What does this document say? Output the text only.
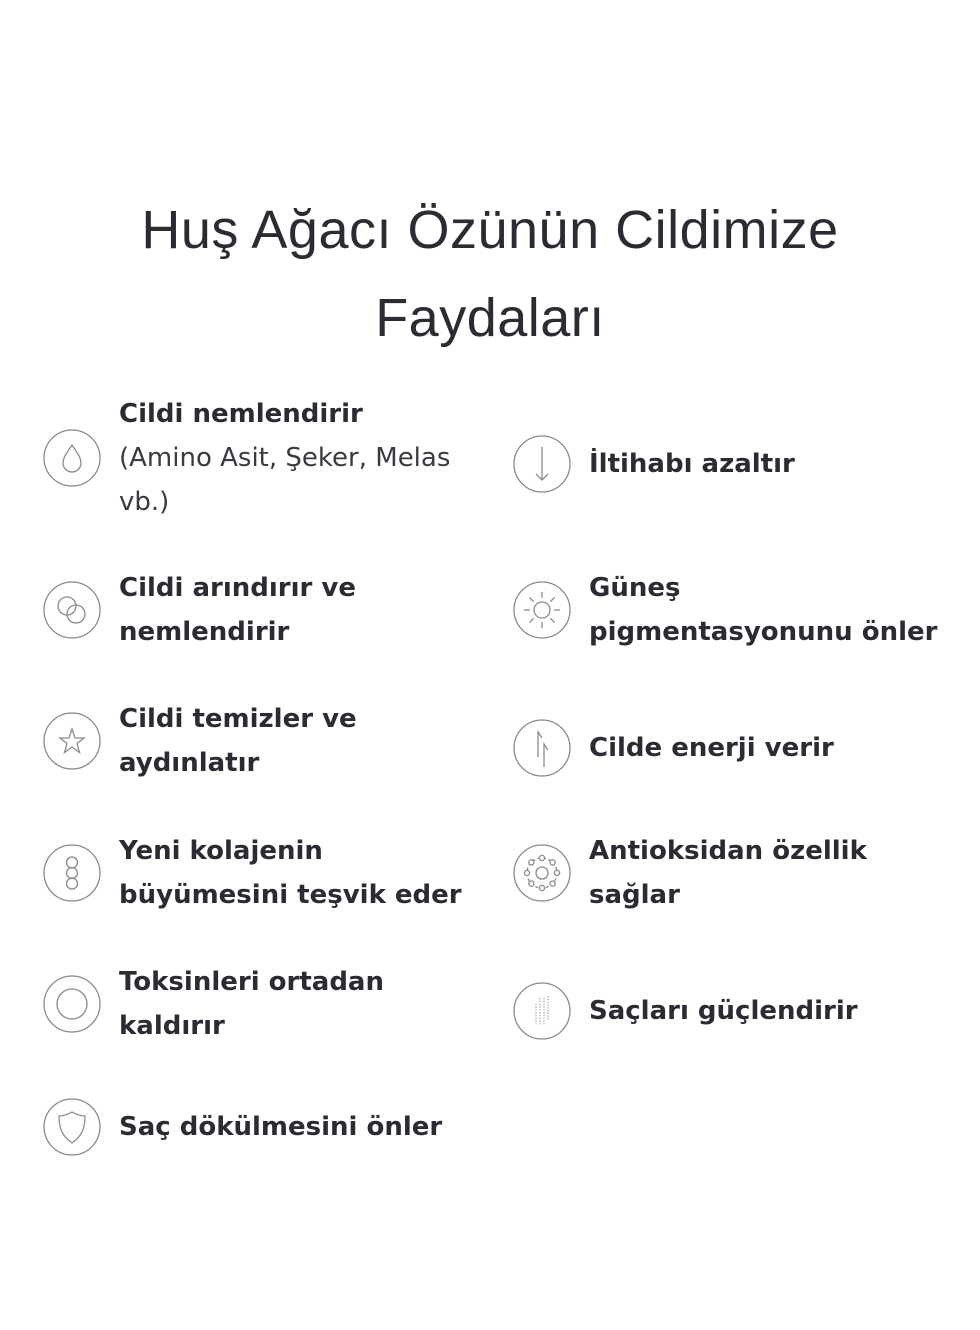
Huş Ağacı Özünün Cildimize
Faydaları
Cildi nemlendirir
(Amino Asit, Şeker, Melas
vb.)
Cildi arındırır ve
nemlendirir
Cildi temizler ve
aydınlatır
Yeni kolajenin
büyümesini teşvik eder
Toksinleri ortadan
kaldırır
Saç dökülmesini önler
İltihabı azaltır
Güneş
pigmentasyonunu önler
Cilde enerji verir
Antioksidan özellik
sağlar
Saçları güçlendirir
